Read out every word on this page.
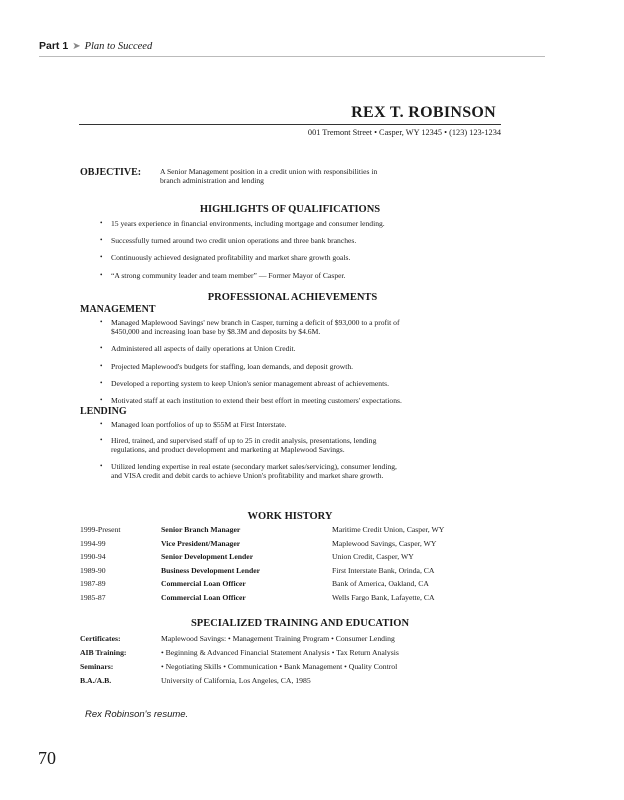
Part 1 ➤ Plan to Succeed
REX T. ROBINSON
001 Tremont Street • Casper, WY 12345 • (123) 123-1234
OBJECTIVE: A Senior Management position in a credit union with responsibilities in
branch administration and lending
HIGHLIGHTS OF QUALIFICATIONS
• 15 years experience in financial environments, including mortgage and consumer lending.
• Successfully turned around two credit union operations and three bank branches.
• Continuously achieved designated profitability and market share growth goals.
• “A strong community leader and team member” — Former Mayor of Casper.
PROFESSIONAL ACHIEVEMENTS
MANAGEMENT
• Managed Maplewood Savings' new branch in Casper, turning a deficit of $93,000 to a profit of
$450,000 and increasing loan base by $8.3M and deposits by $4.6M.
• Administered all aspects of daily operations at Union Credit.
• Projected Maplewood's budgets for staffing, loan demands, and deposit growth.
• Developed a reporting system to keep Union's senior management abreast of achievements.
• Motivated staff at each institution to extend their best effort in meeting customers' expectations.
LENDING
• Managed loan portfolios of up to $55M at First Interstate.
• Hired, trained, and supervised staff of up to 25 in credit analysis, presentations, lending
regulations, and product development and marketing at Maplewood Savings.
• Utilized lending expertise in real estate (secondary market sales/servicing), consumer lending,
and VISA credit and debit cards to achieve Union's profitability and market share growth.
WORK HISTORY
1999-Present	Senior Branch Manager	Maritime Credit Union, Casper, WY
1994-99	Vice President/Manager	Maplewood Savings, Casper, WY
1990-94	Senior Development Lender	Union Credit, Casper, WY
1989-90	Business Development Lender	First Interstate Bank, Orinda, CA
1987-89	Commercial Loan Officer	Bank of America, Oakland, CA
1985-87	Commercial Loan Officer	Wells Fargo Bank, Lafayette, CA
SPECIALIZED TRAINING AND EDUCATION
Certificates:	Maplewood Savings: • Management Training Program • Consumer Lending
AIB Training:	• Beginning & Advanced Financial Statement Analysis • Tax Return Analysis
Seminars:	• Negotiating Skills • Communication • Bank Management • Quality Control
B.A./A.B.	University of California, Los Angeles, CA, 1985
Rex Robinson's resume.
70
